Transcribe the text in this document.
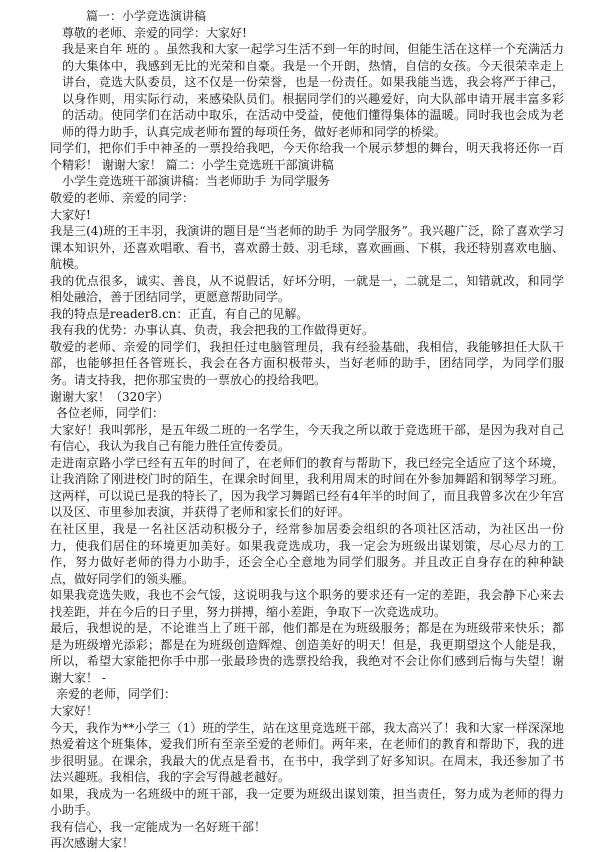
篇一：小学竞选演讲稿

尊敬的老师、亲爱的同学：大家好!

我是来自年 班的 。虽然我和大家一起学习生活不到一年的时间，但能生活在这样一个充满活力的大集体中，我感到无比的光荣和自豪。我是一个开朗，热情，自信的女孩。今天很荣幸走上讲台，竞选大队委员，这不仅是一份荣誉，也是一份责任。如果我能当选，我会将严于律己，以身作则，用实际行动，来感染队员们。根据同学们的兴趣爱好，向大队部申请开展丰富多彩的活动。使同学们在活动中取乐，在活动中受益，使他们懂得集体的温暖。同时我也会成为老师的得力助手，认真完成老师布置的每项任务，做好老师和同学的桥梁。

同学们，把你们手中神圣的一票投给我吧，今天你给我一个展示梦想的舞台，明天我将还你一百个精彩！ 谢谢大家！ 篇二：小学生竞选班干部演讲稿

小学生竞选班干部演讲稿：当老师助手 为同学服务

敬爱的老师、亲爱的同学：

大家好!

我是三(4)班的王丰羽，我演讲的题目是“当老师的助手 为同学服务”。我兴趣广泛，除了喜欢学习课本知识外，还喜欢唱歌、看书，喜欢爵士鼓、羽毛球，喜欢画画、下棋，我还特别喜欢电脑、航模。

我的优点很多，诚实、善良，从不说假话，好坏分明，一就是一，二就是二，知错就改，和同学相处融洽，善于团结同学，更愿意帮助同学。

我的特点是reader8.cn：正直，有自己的见解。

我有我的优势：办事认真、负责，我会把我的工作做得更好。

敬爱的老师、亲爱的同学们，我担任过电脑管理员，我有经验基础，我相信，我能够担任大队干部，也能够担任各管班长，我会在各方面积极带头，当好老师的助手，团结同学，为同学们服务。请支持我，把你那宝贵的一票放心的投给我吧。

谢谢大家！（320字）

各位老师，同学们：

大家好！我叫郭彤，是五年级二班的一名学生，今天我之所以敢于竞选班干部，是因为我对自己有信心，我认为我自己有能力胜任宣传委员。

走进南京路小学已经有五年的时间了，在老师们的教育与帮助下，我已经完全适应了这个环境，让我消除了刚进校门时的陌生，在课余时间里，我利用周末的时间在外参加舞蹈和钢琴学习班。这两样，可以说已是我的特长了，因为我学习舞蹈已经有4年半的时间了，而且我曾多次在少年宫以及区、市里参加表演，并获得了老师和家长们的好评。

在社区里，我是一名社区活动积极分子，经常参加居委会组织的各项社区活动，为社区出一份力，使我们居住的环境更加美好。如果我竞选成功，我一定会为班级出谋划策，尽心尽力的工作，努力做好老师的得力小助手，还会全心全意地为同学们服务。并且改正自身存在的种种缺点，做好同学们的领头雁。

如果我竞选失败，我也不会气馁，这说明我与这个职务的要求还有一定的差距，我会静下心来去找差距，并在今后的日子里，努力拼搏，缩小差距，争取下一次竞选成功。

最后，我想说的是，不论谁当上了班干部，他们都是在为班级服务；都是在为班级带来快乐；都是为班级增光添彩；都是在为班级创造辉煌、创造美好的明天！但是，我更期望这个人能是我，所以，希望大家能把你手中那一张最珍贵的选票投给我，我绝对不会让你们感到后悔与失望！谢谢大家！ -

亲爱的老师，同学们：

大家好！

今天，我作为**小学三（1）班的学生，站在这里竞选班干部，我太高兴了！我和大家一样深深地热爱着这个班集体，爱我们所有至亲至爱的老师们。两年来，在老师们的教育和帮助下，我的进步很明显。在课余，我最大的优点是看书，在书中，我学到了好多知识。在周末，我还参加了书法兴趣班。我相信，我的字会写得越老越好。

如果，我成为一名班级中的班干部，我一定要为班级出谋划策，担当责任，努力成为老师的得力小助手。

我有信心，我一定能成为一名好班干部！

再次感谢大家！
